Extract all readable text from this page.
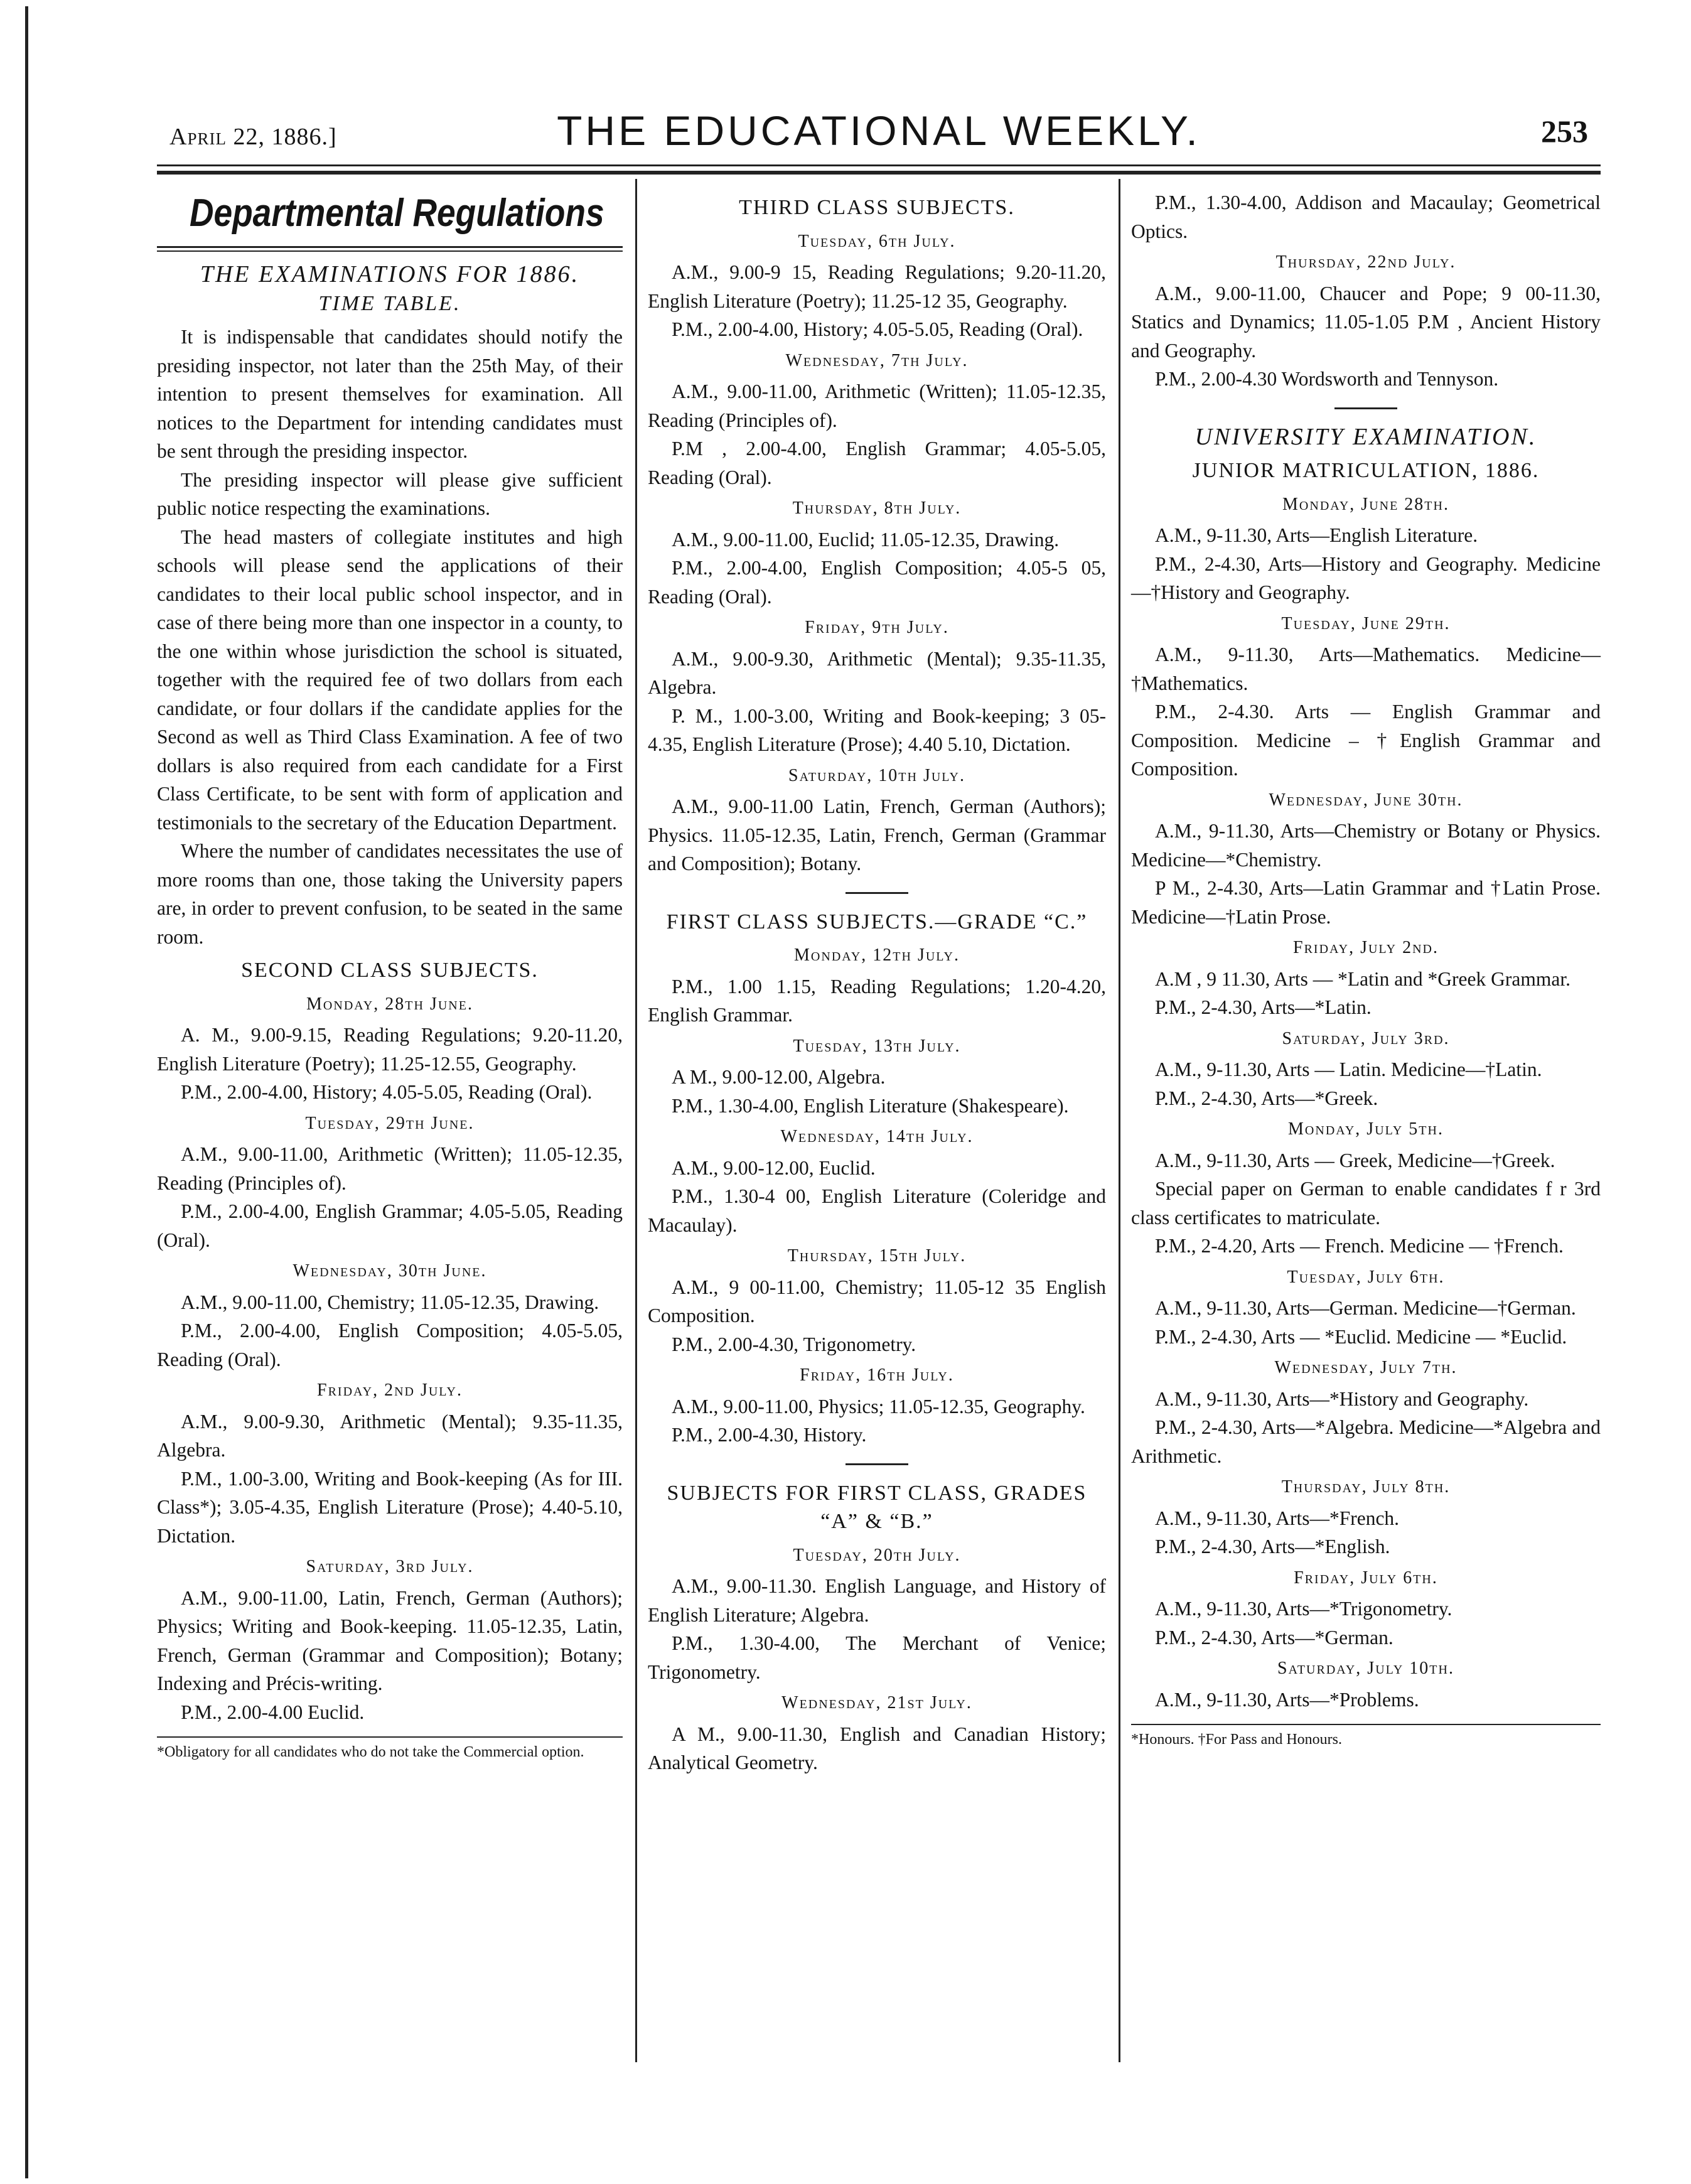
April 22, 1886.]	THE EDUCATIONAL WEEKLY.	253
Departmental Regulations
THE EXAMINATIONS FOR 1886.
TIME TABLE.

It is indispensable that candidates should notify the presiding inspector, not later than the 25th May, of their intention to present themselves for examination. All notices to the Department for intending candidates must be sent through the presiding inspector.

The presiding inspector will please give sufficient public notice respecting the examinations.

The head masters of collegiate institutes and high schools will please send the applications of their candidates to their local public school inspector, and in case of there being more than one inspector in a county, to the one within whose jurisdiction the school is situated, together with the required fee of two dollars from each candidate, or four dollars if the candidate applies for the Second as well as Third Class Examination. A fee of two dollars is also required from each candidate for a First Class Certificate, to be sent with form of application and testimonials to the secretary of the Education Department.

Where the number of candidates necessitates the use of more rooms than one, those taking the University papers are, in order to prevent confusion, to be seated in the same room.

SECOND CLASS SUBJECTS.
Monday, 28th June.

A. M., 9.00-9.15, Reading Regulations; 9.20-11.20, English Literature (Poetry); 11.25-12.55, Geography.

P.M., 2.00-4.00, History; 4.05-5.05, Reading (Oral).

Tuesday, 29th June.

A.M., 9.00-11.00, Arithmetic (Written); 11.05-12.35, Reading (Principles of).

P.M., 2.00-4.00, English Grammar; 4.05-5.05, Reading (Oral).

Wednesday, 30th June.

A.M., 9.00-11.00, Chemistry; 11.05-12.35, Drawing.

P.M., 2.00-4.00, English Composition; 4.05-5.05, Reading (Oral).

Friday, 2nd July.

A.M., 9.00-9.30, Arithmetic (Mental); 9.35-11.35, Algebra.

P.M., 1.00-3.00, Writing and Book-keeping (As for III. Class*); 3.05-4.35, English Literature (Prose); 4.40-5.10, Dictation.

Saturday, 3rd July.

A.M., 9.00-11.00, Latin, French, German (Authors); Physics; Writing and Book-keeping. 11.05-12.35, Latin, French, German (Grammar and Composition); Botany; Indexing and Précis-writing.

P.M., 2.00-4.00 Euclid.

*Obligatory for all candidates who do not take the Commercial option.

THIRD CLASS SUBJECTS.
Tuesday, 6th July.

A.M., 9.00-9 15, Reading Regulations; 9.20-11.20, English Literature (Poetry); 11.25-12 35, Geography.

P.M., 2.00-4.00, History; 4.05-5.05, Reading (Oral).

Wednesday, 7th July.

A.M., 9.00-11.00, Arithmetic (Written); 11.05-12.35, Reading (Principles of).

P.M , 2.00-4.00, English Grammar; 4.05-5.05, Reading (Oral).

Thursday, 8th July.

A.M., 9.00-11.00, Euclid; 11.05-12.35, Drawing.

P.M., 2.00-4.00, English Composition; 4.05-5 05, Reading (Oral).

Friday, 9th July.

A.M., 9.00-9.30, Arithmetic (Mental); 9.35-11.35, Algebra.

P. M., 1.00-3.00, Writing and Book-keeping; 3 05-4.35, English Literature (Prose); 4.40 5.10, Dictation.

Saturday, 10th July.

A.M., 9.00-11.00 Latin, French, German (Authors); Physics. 11.05-12.35, Latin, French, German (Grammar and Composition); Botany.

FIRST CLASS SUBJECTS.—GRADE “C.”
Monday, 12th July.

P.M., 1.00 1.15, Reading Regulations; 1.20-4.20, English Grammar.

Tuesday, 13th July.

A M., 9.00-12.00, Algebra.

P.M., 1.30-4.00, English Literature (Shakespeare).

Wednesday, 14th July.

A.M., 9.00-12.00, Euclid.

P.M., 1.30-4 00, English Literature (Coleridge and Macaulay).

Thursday, 15th July.

A.M., 9 00-11.00, Chemistry; 11.05-12 35 English Composition.

P.M., 2.00-4.30, Trigonometry.

Friday, 16th July.

A.M., 9.00-11.00, Physics; 11.05-12.35, Geography.

P.M., 2.00-4.30, History.

SUBJECTS FOR FIRST CLASS, GRADES “A” & “B.”
Tuesday, 20th July.

A.M., 9.00-11.30. English Language, and History of English Literature; Algebra.

P.M., 1.30-4.00, The Merchant of Venice; Trigonometry.

Wednesday, 21st July.

A M., 9.00-11.30, English and Canadian History; Analytical Geometry.

P.M., 1.30-4.00, Addison and Macaulay; Geometrical Optics.

Thursday, 22nd July.

A.M., 9.00-11.00, Chaucer and Pope; 9 00-11.30, Statics and Dynamics; 11.05-1.05 P.M , Ancient History and Geography.

P.M., 2.00-4.30 Wordsworth and Tennyson.

UNIVERSITY EXAMINATION.
JUNIOR MATRICULATION, 1886.
Monday, June 28th.

A.M., 9-11.30, Arts—English Literature.

P.M., 2-4.30, Arts—History and Geography. Medicine—†History and Geography.

Tuesday, June 29th.

A.M., 9-11.30, Arts—Mathematics. Medicine—†Mathematics.

P.M., 2-4.30. Arts — English Grammar and Composition. Medicine – †English Grammar and Composition.

Wednesday, June 30th.

A.M., 9-11.30, Arts—Chemistry or Botany or Physics. Medicine—*Chemistry.

P M., 2-4.30, Arts—Latin Grammar and †Latin Prose. Medicine—†Latin Prose.

Friday, July 2nd.

A.M , 9 11.30, Arts — *Latin and *Greek Grammar.

P.M., 2-4.30, Arts—*Latin.

Saturday, July 3rd.

A.M., 9-11.30, Arts — Latin. Medicine—†Latin.

P.M., 2-4.30, Arts—*Greek.

Monday, July 5th.

A.M., 9-11.30, Arts — Greek, Medicine—†Greek.

Special paper on German to enable candidates f r 3rd class certificates to matriculate.

P.M., 2-4.20, Arts — French. Medicine — †French.

Tuesday, July 6th.

A.M., 9-11.30, Arts—German. Medicine—†German.

P.M., 2-4.30, Arts — *Euclid. Medicine — *Euclid.

Wednesday, July 7th.

A.M., 9-11.30, Arts—*History and Geography.

P.M., 2-4.30, Arts—*Algebra. Medicine—*Algebra and Arithmetic.

Thursday, July 8th.

A.M., 9-11.30, Arts—*French.

P.M., 2-4.30, Arts—*English.

Friday, July 6th.

A.M., 9-11.30, Arts—*Trigonometry.

P.M., 2-4.30, Arts—*German.

Saturday, July 10th.

A.M., 9-11.30, Arts—*Problems.

*Honours. †For Pass and Honours.
